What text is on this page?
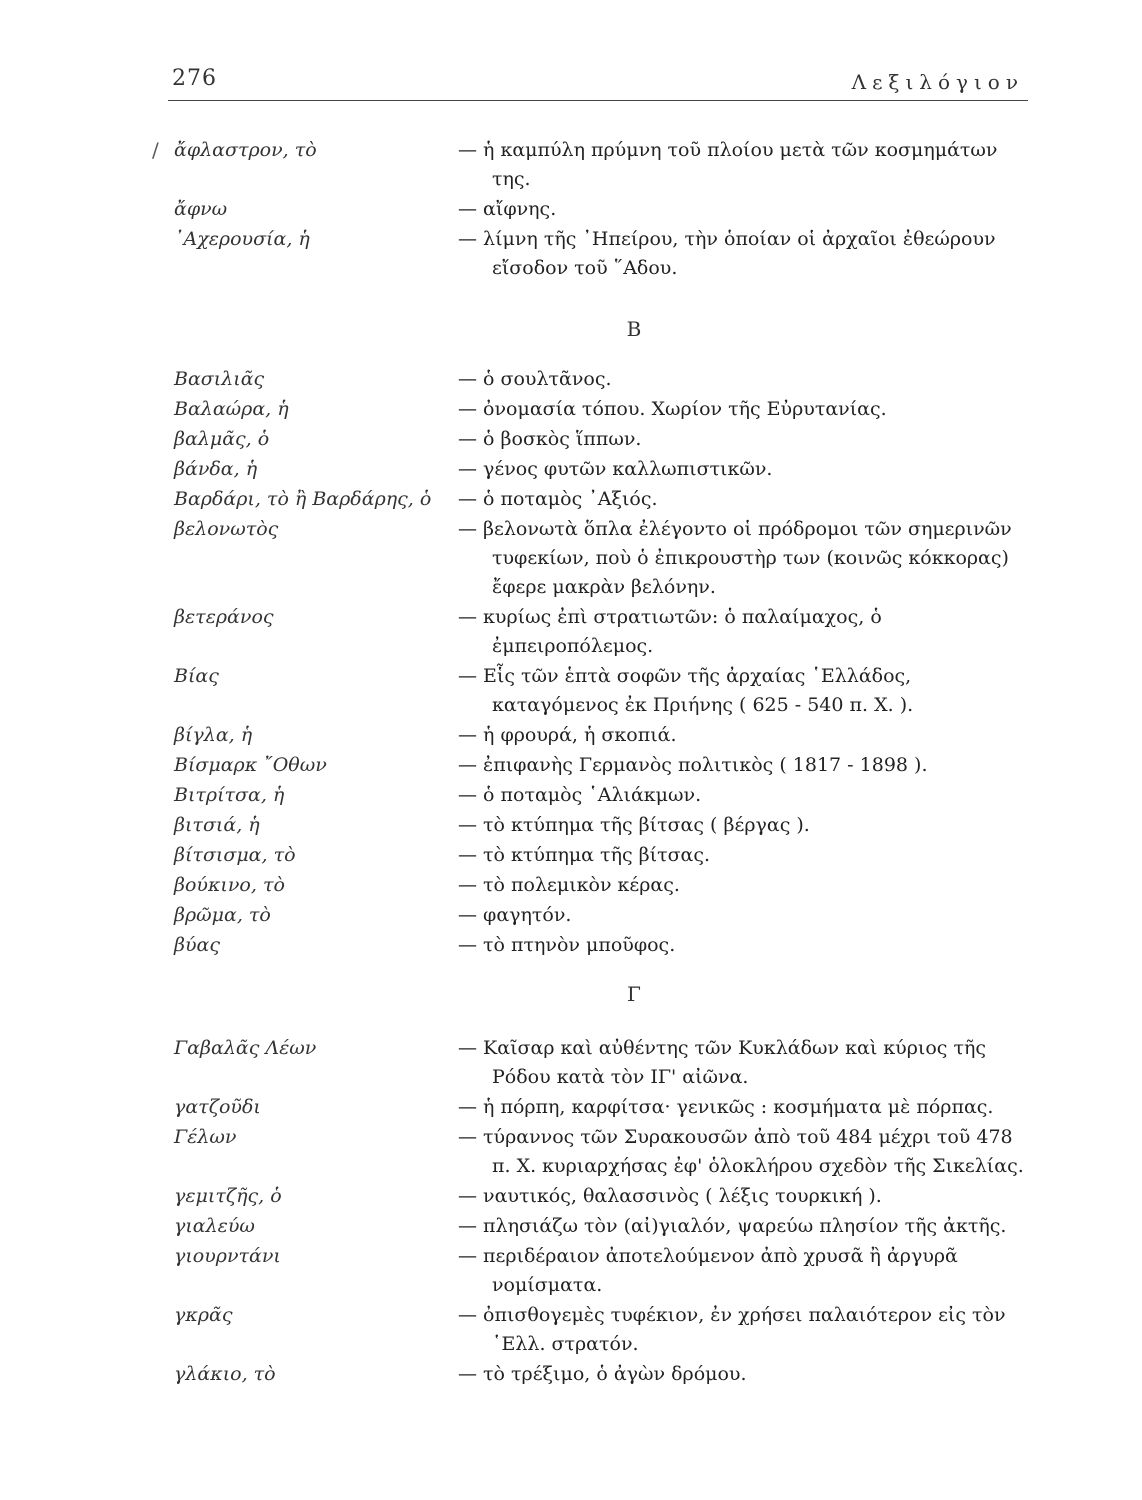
276	Λεξιλόγιον
/ ἄφλαστρον, τὸ	— ἡ καμπύλη πρύμνη τοῦ πλοίου μετὰ τῶν κοσμημάτων της.
ἄφνω	— αἴφνης.
᾿Αχερουσία, ἡ	— λίμνη τῆς ᾿Ηπείρου, τὴν ὁποίαν οἱ ἀρχαῖοι ἐθεώρουν εἴσοδον τοῦ ῞Αδου.
Β
Βασιλιᾶς	— ὁ σουλτᾶνος.
Βαλαώρα, ἡ	— ὀνομασία τόπου. Χωρίον τῆς Εὐρυτανίας.
βαλμᾶς, ὁ	— ὁ βοσκὸς ἵππων.
βάνδα, ἡ	— γένος φυτῶν καλλωπιστικῶν.
Βαρδάρι, τὸ ἢ Βαρδάρης, ὁ	— ὁ ποταμὸς ᾿Αξιός.
βελονωτὸς	— βελονωτὰ ὅπλα ἐλέγοντο οἱ πρόδρομοι τῶν σημερινῶν τυφεκίων, ποὺ ὁ ἐπικρουστὴρ των (κοινῶς κόκκορας) ἔφερε μακρὰν βελόνην.
βετεράνος	— κυρίως ἐπὶ στρατιωτῶν: ὁ παλαίμαχος, ὁ ἐμπειροπόλεμος.
Βίας	— Εἷς τῶν ἑπτὰ σοφῶν τῆς ἀρχαίας ῾Ελλάδος, καταγόμενος ἐκ Πριήνης ( 625 - 540 π. Χ. ).
βίγλα, ἡ	— ἡ φρουρά, ἡ σκοπιά.
Βίσμαρκ ῎Οθων	— ἐπιφανὴς Γερμανὸς πολιτικὸς ( 1817 - 1898 ).
Βιτρίτσα, ἡ	— ὁ ποταμὸς ῾Αλιάκμων.
βιτσιά, ἡ	— τὸ κτύπημα τῆς βίτσας ( βέργας ).
βίτσισμα, τὸ	— τὸ κτύπημα τῆς βίτσας.
βούκινο, τὸ	— τὸ πολεμικὸν κέρας.
βρῶμα, τὸ	— φαγητόν.
βύας	— τὸ πτηνὸν μποῦφος.
Γ
Γαβαλᾶς Λέων	— Καῖσαρ καὶ αὐθέντης τῶν Κυκλάδων καὶ κύριος τῆς Ρόδου κατὰ τὸν ΙΓ' αἰῶνα.
γατζοῦδι	— ἡ πόρπη, καρφίτσα· γενικῶς : κοσμήματα μὲ πόρπας.
Γέλων	— τύραννος τῶν Συρακουσῶν ἀπὸ τοῦ 484 μέχρι τοῦ 478 π. Χ. κυριαρχήσας ἐφ' ὁλοκλήρου σχεδὸν τῆς Σικελίας.
γεμιτζῆς, ὁ	— ναυτικός, θαλασσινὸς ( λέξις τουρκική ).
γιαλεύω	— πλησιάζω τὸν (αἰ)γιαλόν, ψαρεύω πλησίον τῆς ἀκτῆς.
γιουρντάνι	— περιδέραιον ἀποτελούμενον ἀπὸ χρυσᾶ ἢ ἀργυρᾶ νομίσματα.
γκρᾶς	— ὀπισθογεμὲς τυφέκιον, ἐν χρήσει παλαιότερον εἰς τὸν ῾Ελλ. στρατόν.
γλάκιο, τὸ	— τὸ τρέξιμο, ὁ ἀγὼν δρόμου.
